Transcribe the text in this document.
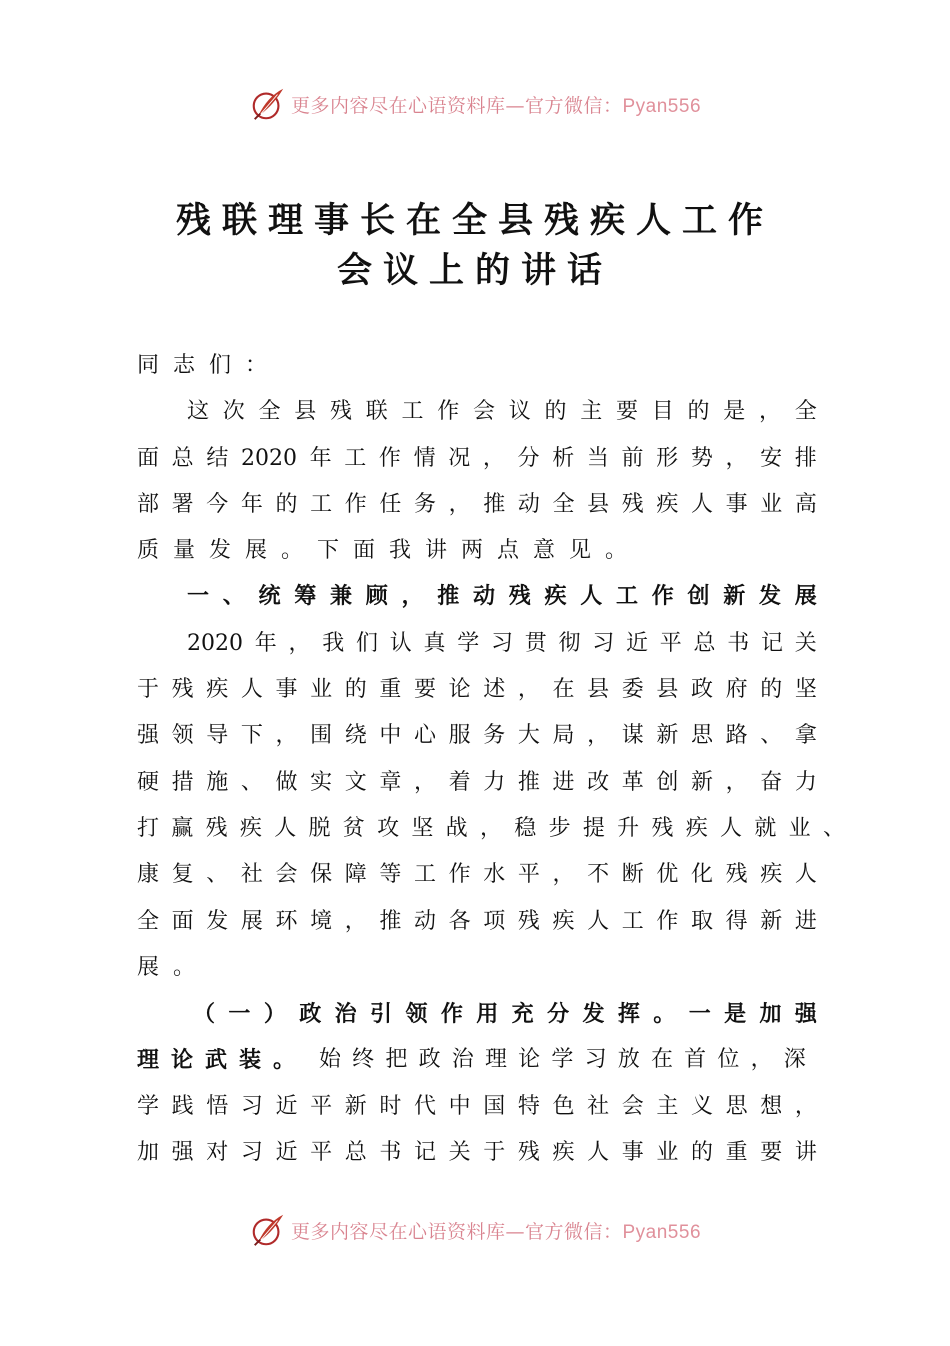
更多内容尽在心语资料库—官方微信：Pyan556
残联理事长在全县残疾人工作
会议上的讲话
同志们：
这 次 全 县 残 联 工 作 会 议 的 主 要 目 的 是 ， 全
面 总 结 2020 年 工 作 情 况 ， 分 析 当 前 形 势 ， 安 排
部 署 今 年 的 工 作 任 务 ， 推 动 全 县 残 疾 人 事 业 高
质量发展。下面我讲两点意见。
一 、 统 筹 兼 顾 ， 推 动 残 疾 人 工 作 创 新 发 展
2020 年 ， 我 们 认 真 学 习 贯 彻 习 近 平 总 书 记 关
于 残 疾 人 事 业 的 重 要 论 述 ， 在 县 委 县 政 府 的 坚
强 领 导 下 ， 围 绕 中 心 服 务 大 局 ， 谋 新 思 路 、 拿
硬 措 施 、 做 实 文 章 ， 着 力 推 进 改 革 创 新 ， 奋 力
打 赢 残 疾 人 脱 贫 攻 坚 战 ， 稳 步 提 升 残 疾 人 就 业 、
康 复 、 社 会 保 障 等 工 作 水 平 ， 不 断 优 化 残 疾 人
全 面 发 展 环 境 ， 推 动 各 项 残 疾 人 工 作 取 得 新 进
展。
（ 一 ） 政 治 引 领 作 用 充 分 发 挥 。 一 是 加 强
理论武装。 始终把政治理论学习放在首位，深
学 践 悟 习 近 平 新 时 代 中 国 特 色 社 会 主 义 思 想 ，
加 强 对 习 近 平 总 书 记 关 于 残 疾 人 事 业 的 重 要 讲
更多内容尽在心语资料库—官方微信：Pyan556
